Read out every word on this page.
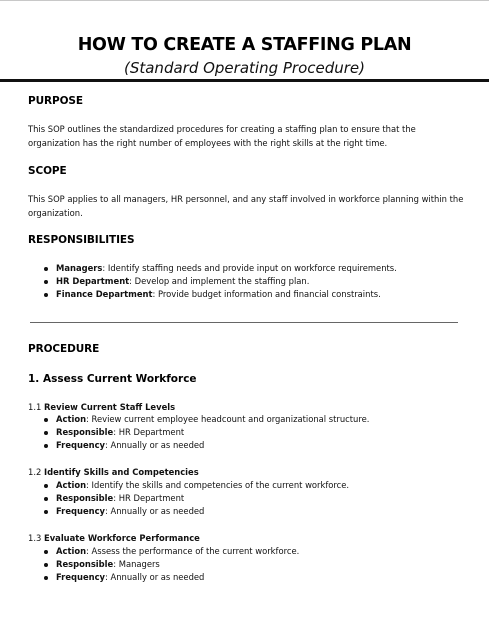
HOW TO CREATE A STAFFING PLAN
(Standard Operating Procedure)
PURPOSE
This SOP outlines the standardized procedures for creating a staffing plan to ensure that the organization has the right number of employees with the right skills at the right time.
SCOPE
This SOP applies to all managers, HR personnel, and any staff involved in workforce planning within the organization.
RESPONSIBILITIES
Managers: Identify staffing needs and provide input on workforce requirements.
HR Department: Develop and implement the staffing plan.
Finance Department: Provide budget information and financial constraints.
PROCEDURE
1. Assess Current Workforce
1.1 Review Current Staff Levels
Action: Review current employee headcount and organizational structure.
Responsible: HR Department
Frequency: Annually or as needed
1.2 Identify Skills and Competencies
Action: Identify the skills and competencies of the current workforce.
Responsible: HR Department
Frequency: Annually or as needed
1.3 Evaluate Workforce Performance
Action: Assess the performance of the current workforce.
Responsible: Managers
Frequency: Annually or as needed
